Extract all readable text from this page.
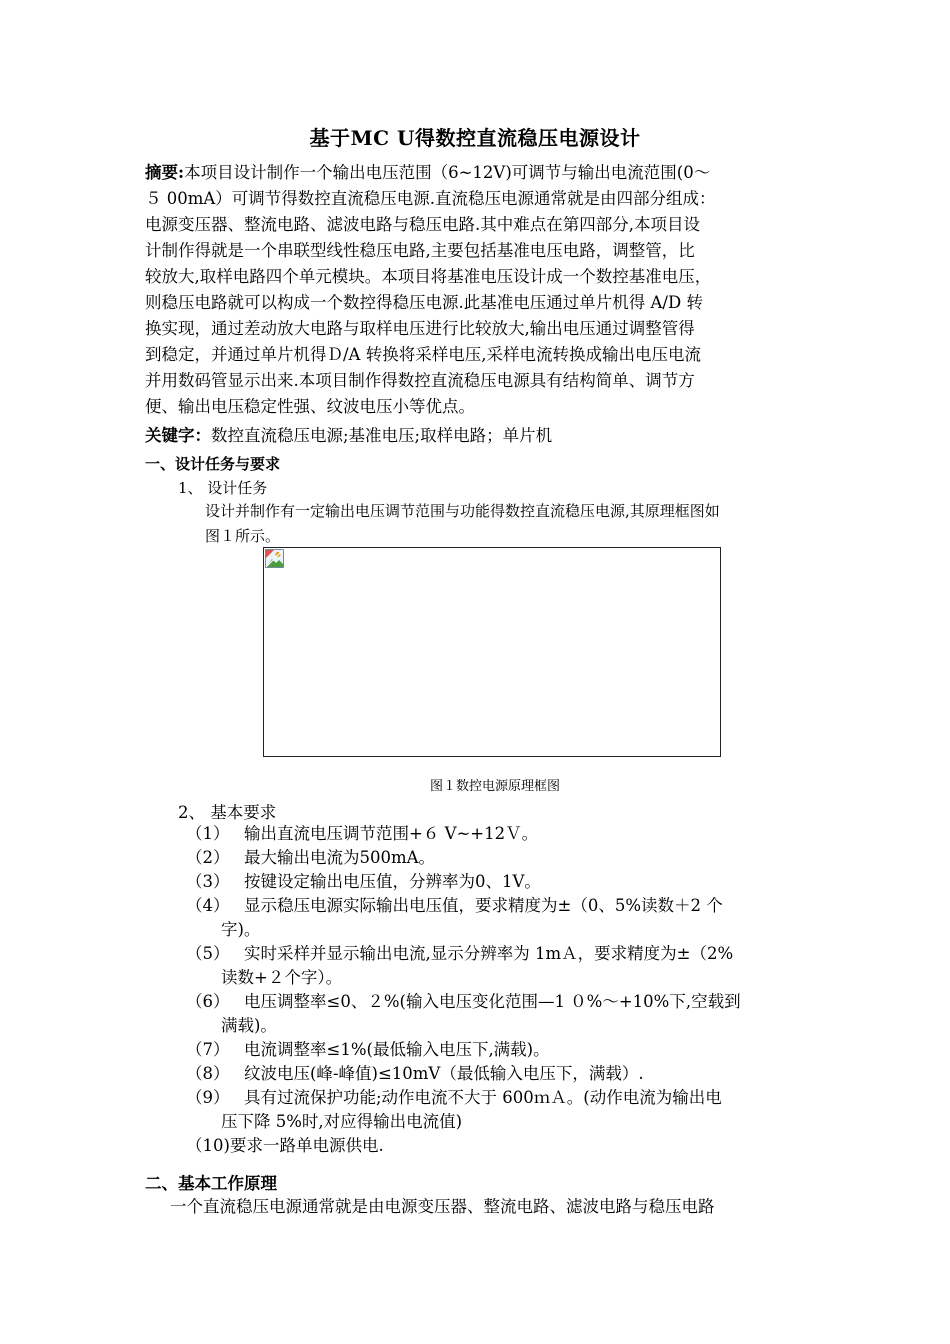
基于MC U得数控直流稳压电源设计
摘要:本项目设计制作一个输出电压范围（6~12V)可调节与输出电流范围(0～
５ 00mA）可调节得数控直流稳压电源.直流稳压电源通常就是由四部分组成：
电源变压器、整流电路、滤波电路与稳压电路.其中难点在第四部分,本项目设
计制作得就是一个串联型线性稳压电路,主要包括基准电压电路，调整管，比
较放大,取样电路四个单元模块。本项目将基准电压设计成一个数控基准电压，
则稳压电路就可以构成一个数控得稳压电源.此基准电压通过单片机得 A/D 转
换实现，通过差动放大电路与取样电压进行比较放大,输出电压通过调整管得
到稳定，并通过单片机得Ｄ/A 转换将采样电压,采样电流转换成输出电压电流
并用数码管显示出来.本项目制作得数控直流稳压电源具有结构简单、调节方
便、输出电压稳定性强、纹波电压小等优点。
关键字：数控直流稳压电源;基准电压;取样电路；单片机
一、设计任务与要求
1、 设计任务
设计并制作有一定输出电压调节范围与功能得数控直流稳压电源,其原理框图如
图１所示。
图１数控电源原理框图
2、 基本要求
（1） 输出直流电压调节范围+６ V~+12Ｖ。
（2） 最大输出电流为500mA。
（3） 按键设定输出电压值，分辨率为0、1V。
（4） 显示稳压电源实际输出电压值，要求精度为±（0、5%读数＋2 个
字)。
（5） 实时采样并显示输出电流,显示分辨率为 1mＡ，要求精度为±（2%
读数+２个字）。
（6） 电压调整率≤0、２%(输入电压变化范围—1 ０%～+10%下,空载到
满载)。
（7） 电流调整率≤1%(最低输入电压下,满载)。
（8） 纹波电压(峰-峰值)≤10mV（最低输入电压下，满载）.
（9） 具有过流保护功能;动作电流不大于 600ｍＡ。(动作电流为输出电
压下降 5%时,对应得输出电流值)
（10)要求一路单电源供电.
二、基本工作原理
一个直流稳压电源通常就是由电源变压器、整流电路、滤波电路与稳压电路
